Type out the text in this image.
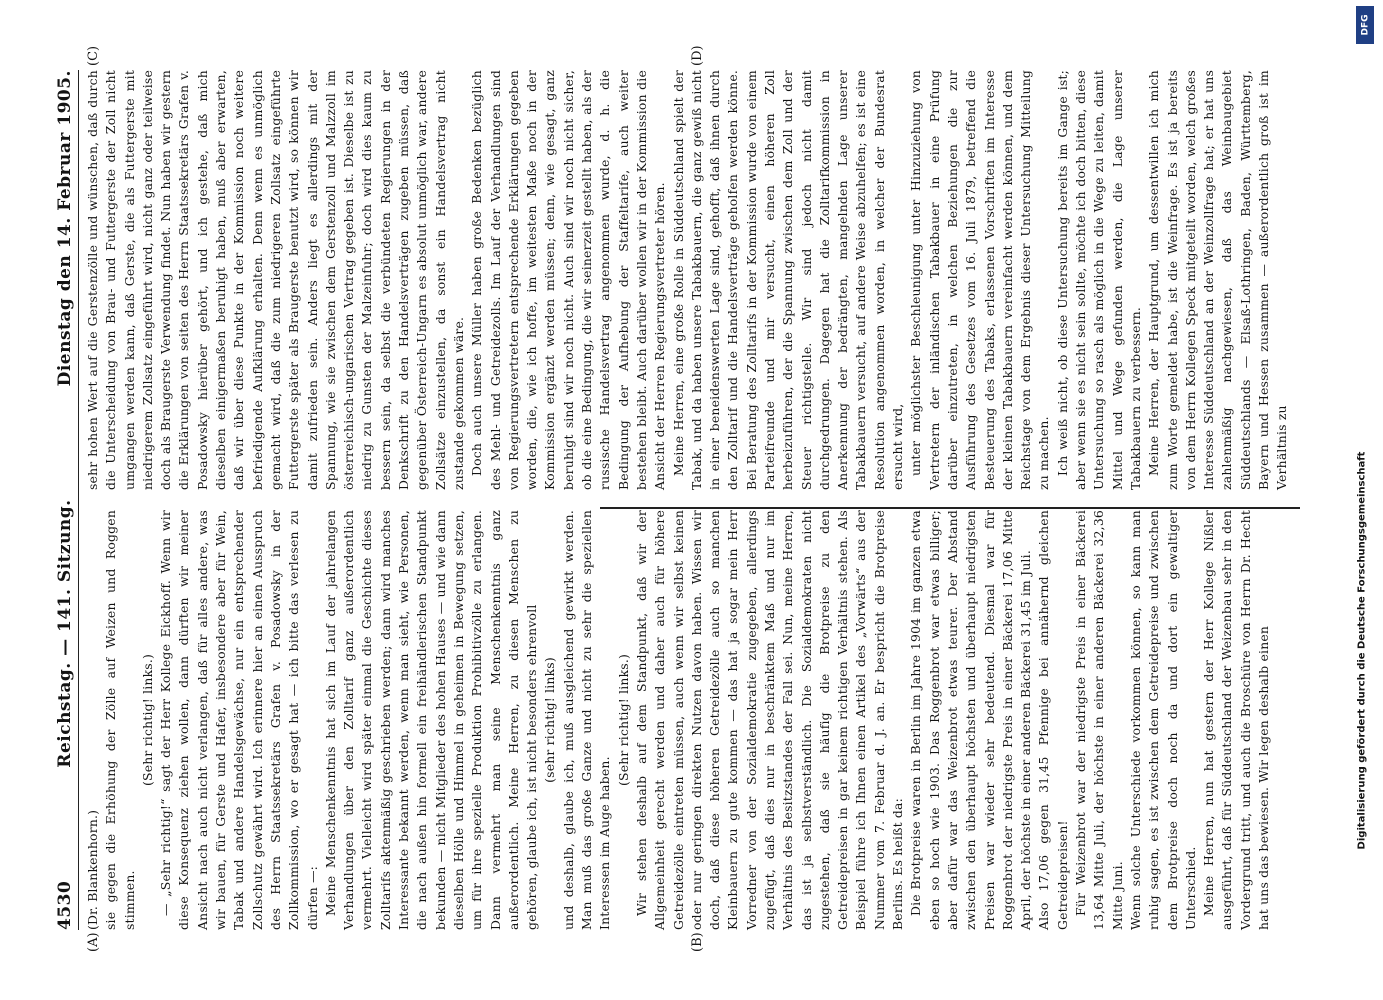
4530
Reichstag. — 141. Sitzung.
Dienstag den 14. Februar 1905.
(A)	(B)
(C)	(D)

(Dr. Blankenhorn.) sie gegen die Erhöhung der Zölle auf Weizen und Roggen stimmen.

(Sehr richtig! links.) — „Sehr richtig!“ sagt der Herr Kollege Eickhoff. Wenn wir diese Konsequenz ziehen wollen, dann dürften wir meiner Ansicht nach auch nicht verlangen, daß für alles andere, was wir bauen, für Gerste und Hafer, insbesondere aber für Wein, Tabak und andere Handelsgewächse, nur ein entsprechender Zollschutz gewährt wird. Ich erinnere hier an einen Ausspruch des Herrn Staatssekretärs Grafen v. Posadowsky in der Zollkommission, wo er gesagt hat — ich bitte das verlesen zu dürfen —: Meine Menschenkenntnis hat sich im Lauf der jahrelangen Verhandlungen über den Zolltarif ganz außerordentlich vermehrt. Vielleicht wird später einmal die Geschichte dieses Zolltarifs aktenmäßig geschrieben werden; dann wird manches Interessante bekannt werden, wenn man sieht, wie Personen, die nach außen hin formell ein freihändlerischen Standpunkt bekunden — nicht Mitglieder des hohen Hauses — und wie dann dieselben Hölle und Himmel in geheimen in Bewegung setzen, um für ihre spezielle Produktion Prohibitivzölle zu erlangen. Dann vermehrt man seine Menschenkenntnis ganz außerordentlich. Meine Herren, zu diesen Menschen zu gehören, glaube ich, ist nicht besonders ehrenvoll (sehr richtig! links) und deshalb, glaube ich, muß ausgleichend gewirkt werden. Man muß das große Ganze und nicht zu sehr die speziellen Interessen im Auge haben.

(Sehr richtig! links.) Wir stehen deshalb auf dem Standpunkt, daß wir der Allgemeinheit gerecht werden und daher auch für höhere Getreidezölle eintreten müssen, auch wenn wir selbst keinen oder nur geringen direkten Nutzen davon haben. Wissen wir doch, daß diese höheren Getreidezölle auch so manchen Kleinbauern zu gute kommen — das hat ja sogar mein Herr Vorredner von der Sozialdemokratie zugegeben, allerdings zugefügt, daß dies nur in beschränktem Maß und nur im Verhältnis des Besitzstandes der Fall sei. Nun, meine Herren, das ist ja selbstverständlich. Die Sozialdemokraten nicht zugestehen, daß sie häufig die Brotpreise zu den Getreidepreisen in gar keinem richtigen Verhältnis stehen. Als Beispiel führe ich Ihnen einen Artikel des „Vorwärts“ aus der Nummer vom 7. Februar d. J. an. Er bespricht die Brotpreise Berlins. Es heißt da: Die Brotpreise waren in Berlin im Jahre 1904 im ganzen etwa eben so hoch wie 1903. Das Roggenbrot war etwas billiger; aber dafür war das Weizenbrot etwas teurer. Der Abstand zwischen den überhaupt höchsten und überhaupt niedrigsten Preisen war wieder sehr bedeutend. Diesmal war für Roggenbrot der niedrigste Preis in einer Bäckerei 17,06 Mitte April, der höchste in einer anderen Bäckerei 31,45 im Juli. Also 17,06 gegen 31,45 Pfennige bei annähernd gleichen Getreidepreisen! Für Weizenbrot war der niedrigste Preis in einer Bäckerei 13,64 Mitte Juli, der höchste in einer anderen Bäckerei 32,36 Mitte Juni. Wenn solche Unterschiede vorkommen können, so kann man ruhig sagen, es ist zwischen dem Getreidepreise und zwischen dem Brotpreise doch noch da und dort ein gewaltiger Unterschied. Meine Herren, nun hat gestern der Herr Kollege Nißler ausgeführt, daß für Süddeutschland der Weizenbau sehr in den Vordergrund tritt, und auch die Broschüre von Herrn Dr. Hecht hat uns das bewiesen. Wir legen deshalb einen

sehr hohen Wert auf die Gerstenzölle und wünschen, daß durch die Unterscheidung von Brau- und Futtergerste der Zoll nicht umgangen werden kann, daß Gerste, die als Futtergerste mit niedrigerem Zollsatz eingeführt wird, nicht ganz oder teilweise doch als Braugerste Verwendung findet. Nun haben wir gestern die Erklärungen von seiten des Herrn Staatssekretärs Grafen v. Posadowsky hierüber gehört, und ich gestehe, daß mich dieselben einigermaßen beruhigt haben, muß aber erwarten, daß wir über diese Punkte in der Kommission noch weitere befriedigende Aufklärung erhalten. Denn wenn es unmöglich gemacht wird, daß die zum niedrigeren Zollsatz eingeführte Futtergerste später als Braugerste benutzt wird, so können wir damit zufrieden sein. Anders liegt es allerdings mit der Spannung, wie sie zwischen dem Gerstenzoll und Malzzoll im österreichisch-ungarischen Vertrag gegeben ist. Dieselbe ist zu niedrig zu Gunsten der Malzeinfuhr; doch wird dies kaum zu bessern sein, da selbst die verbündeten Regierungen in der Denkschrift zu den Handelsverträgen zugeben müssen, daß gegenüber Österreich-Ungarn es absolut unmöglich war, andere Zollsätze einzustellen, da sonst ein Handelsvertrag nicht zustande gekommen wäre. Doch auch unsere Müller haben große Bedenken bezüglich des Mehl- und Getreidezolls. Im Lauf der Verhandlungen sind von Regierungsvertretern entsprechende Erklärungen gegeben worden, die, wie ich hoffe, im weitesten Maße noch in der Kommission ergänzt werden müssen; denn, wie gesagt, ganz beruhigt sind wir noch nicht. Auch sind wir noch nicht sicher, ob die eine Bedingung, die wir seinerzeit gestellt haben, als der russische Handelsvertrag angenommen wurde, d. h. die Bedingung der Aufhebung der Staffeltarife, auch weiter bestehen bleibt. Auch darüber wollen wir in der Kommission die Ansicht der Herren Regierungsvertreter hören. Meine Herren, eine große Rolle in Süddeutschland spielt der Tabak, und da haben unsere Tabakbauern, die ganz gewiß nicht in einer beneidenswerten Lage sind, gehofft, daß ihnen durch den Zolltarif und die Handelsverträge geholfen werden könne. Bei Beratung des Zolltarifs in der Kommission wurde von einem Parteifreunde und mir versucht, einen höheren Zoll herbeizuführen, der die Spannung zwischen dem Zoll und der Steuer richtigstelle. Wir sind jedoch nicht damit durchgedrungen. Dagegen hat die Zolltarifkommission in Anerkennung der bedrängten, mangelnden Lage unserer Tabakbauern versucht, auf andere Weise abzuhelfen; es ist eine Resolution angenommen worden, in welcher der Bundesrat ersucht wird, unter möglichster Beschleunigung unter Hinzuziehung von Vertretern der inländischen Tabakbauer in eine Prüfung darüber einzutreten, in welchen Beziehungen die zur Ausführung des Gesetzes vom 16. Juli 1879, betreffend die Besteuerung des Tabaks, erlassenen Vorschriften im Interesse der kleinen Tabakbauern vereinfacht werden können, und dem Reichstage von dem Ergebnis dieser Untersuchung Mitteilung zu machen. Ich weiß nicht, ob diese Untersuchung bereits im Gange ist; aber wenn sie es nicht sein sollte, möchte ich doch bitten, diese Untersuchung so rasch als möglich in die Wege zu leiten, damit Mittel und Wege gefunden werden, die Lage unserer Tabakbauern zu verbessern. Meine Herren, der Hauptgrund, um dessentwillen ich mich zum Worte gemeldet habe, ist die Weinfrage. Es ist ja bereits von dem Herrn Kollegen Speck mitgeteilt worden, welch großes Interesse Süddeutschland an der Weinzollfrage hat; er hat uns zahlenmäßig nachgewiesen, daß das Weinbaugebiet Süddeutschlands — Elsaß-Lothringen, Baden, Württemberg, Bayern und Hessen zusammen — außerordentlich groß ist im Verhältnis zu

DFG
Digitalisierung gefördert durch die Deutsche Forschungsgemeinschaft
